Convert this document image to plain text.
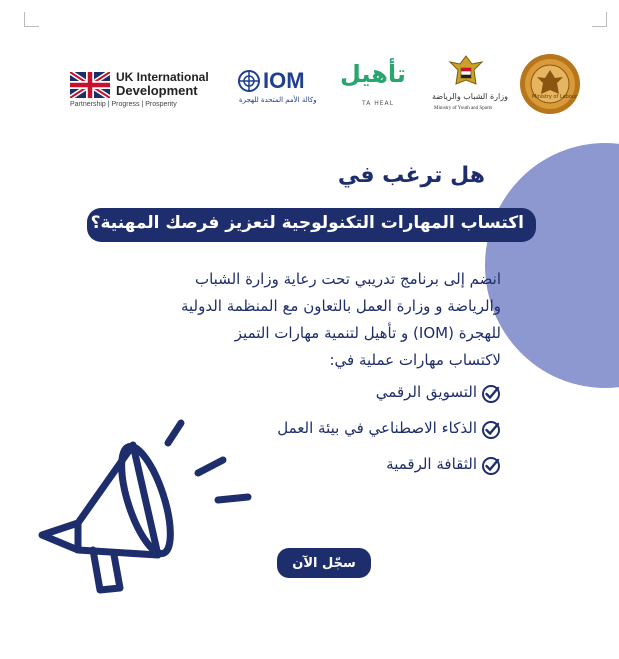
UK International
Development
Partnership | Progress | Prosperity
IOM
وكالة الأمم المتحدة للهجرة
تأهيل
TA HEAL
وزارة الشباب والرياضة
Ministry of Youth and Sports
Ministry of Labour
هل ترغب في
اكتساب المهارات التكنولوجية لتعزيز فرصك المهنية؟
انضم إلى برنامج تدريبي تحت رعاية وزارة الشباب
والرياضة و وزارة العمل بالتعاون مع المنظمة الدولية
للهجرة (IOM) و تأهيل لتنمية مهارات التميز
لاكتساب مهارات عملية في:
التسويق الرقمي
الذكاء الاصطناعي في بيئة العمل
الثقافة الرقمية
سجّل الآن
